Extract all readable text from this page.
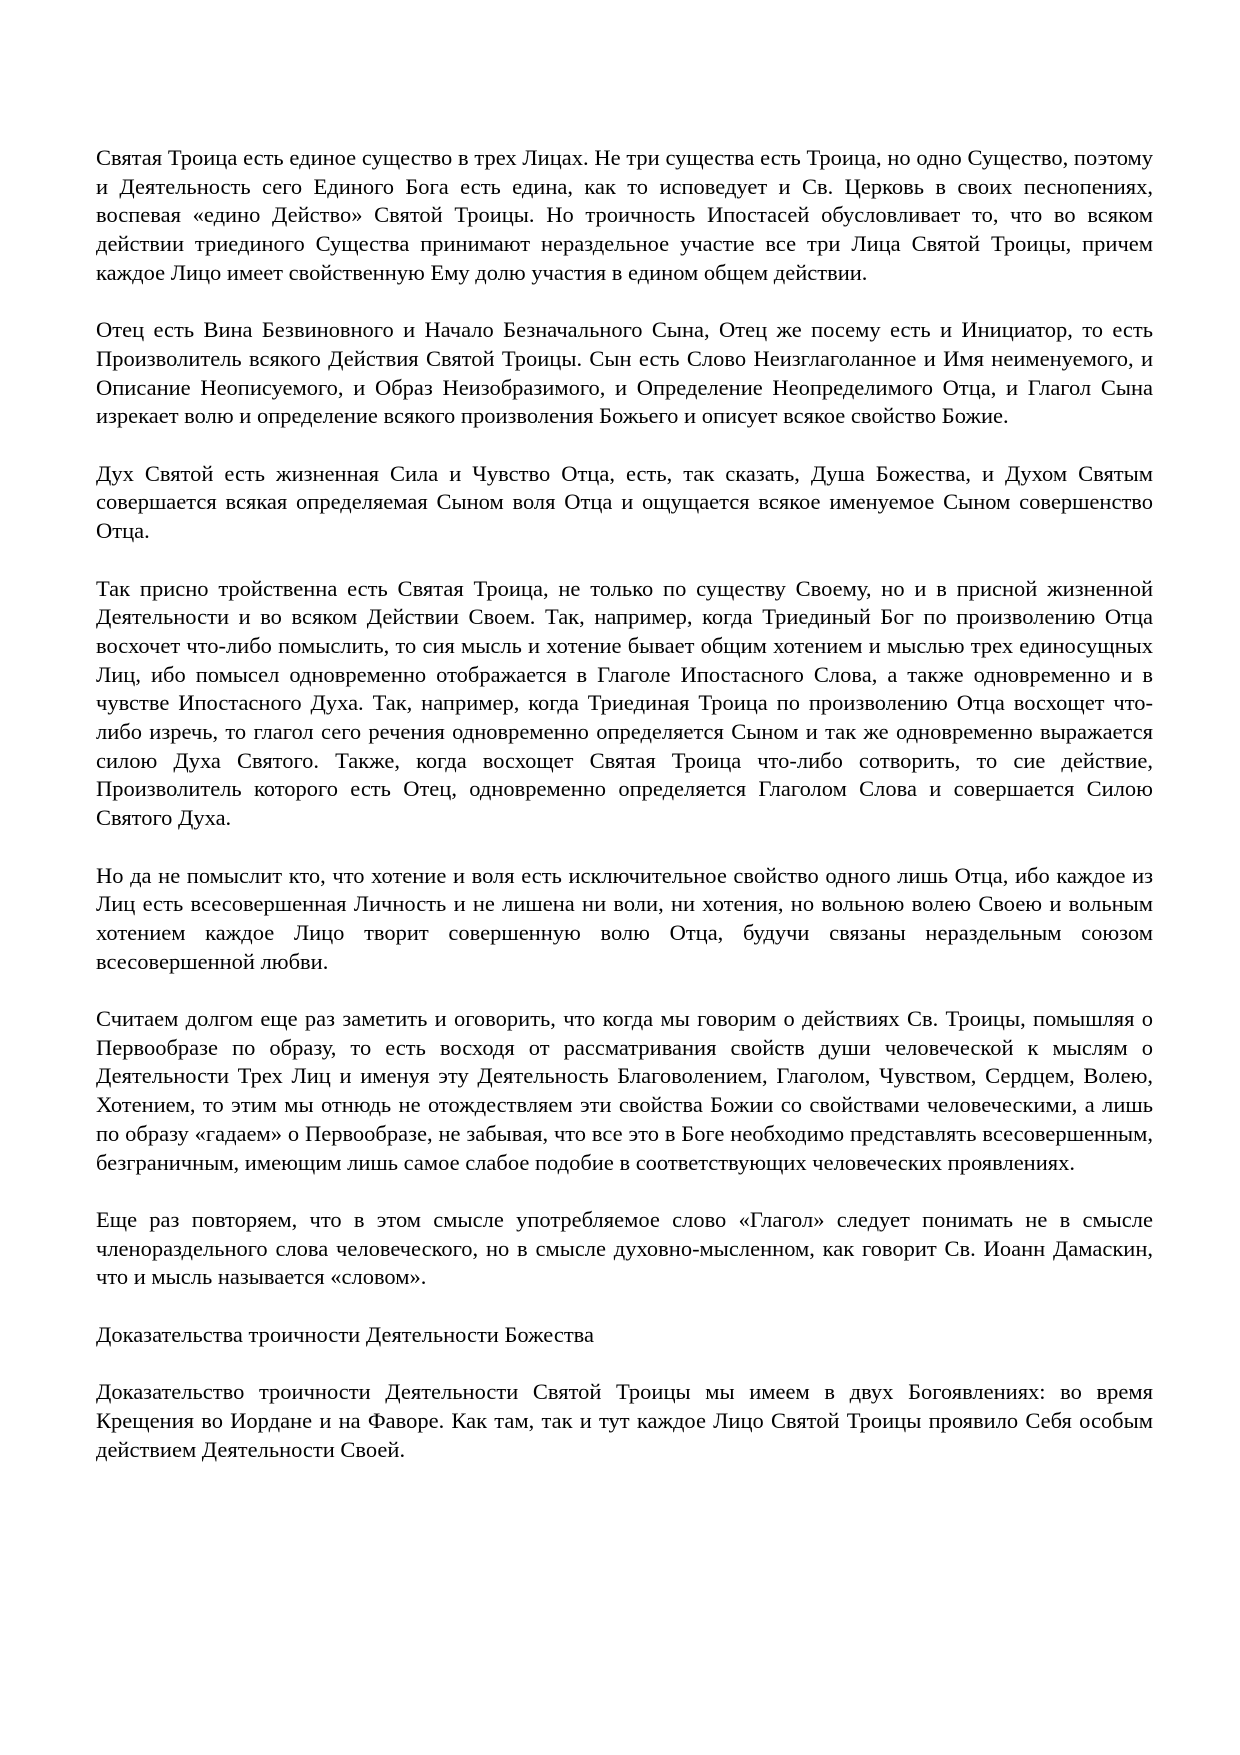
Святая Троица есть единое существо в трех Лицах. Не три существа есть Троица, но одно Существо, поэтому и Деятельность сего Единого Бога есть едина, как то исповедует и Св. Церковь в своих песнопениях, воспевая «едино Действо» Святой Троицы. Но троичность Ипостасей обусловливает то, что во всяком действии триединого Существа принимают нераздельное участие все три Лица Святой Троицы, причем каждое Лицо имеет свойственную Ему долю участия в едином общем действии.

Отец есть Вина Безвиновного и Начало Безначального Сына, Отец же посему есть и Инициатор, то есть Произволитель всякого Действия Святой Троицы. Сын есть Слово Неизглаголанное и Имя неименуемого, и Описание Неописуемого, и Образ Неизобразимого, и Определение Неопределимого Отца, и Глагол Сына изрекает волю и определение всякого произволения Божьего и описует всякое свойство Божие.

Дух Святой есть жизненная Сила и Чувство Отца, есть, так сказать, Душа Божества, и Духом Святым совершается всякая определяемая Сыном воля Отца и ощущается всякое именуемое Сыном совершенство Отца.

Так присно тройственна есть Святая Троица, не только по существу Своему, но и в присной жизненной Деятельности и во всяком Действии Своем. Так, например, когда Триединый Бог по произволению Отца восхочет что-либо помыслить, то сия мысль и хотение бывает общим хотением и мыслью трех единосущных Лиц, ибо помысел одновременно отображается в Глаголе Ипостасного Слова, а также одновременно и в чувстве Ипостасного Духа. Так, например, когда Триединая Троица по произволению Отца восхощет что-либо изречь, то глагол сего речения одновременно определяется Сыном и так же одновременно выражается силою Духа Святого. Также, когда восхощет Святая Троица что-либо сотворить, то сие действие, Произволитель которого есть Отец, одновременно определяется Глаголом Слова и совершается Силою Святого Духа.

Но да не помыслит кто, что хотение и воля есть исключительное свойство одного лишь Отца, ибо каждое из Лиц есть всесовершенная Личность и не лишена ни воли, ни хотения, но вольною волею Своею и вольным хотением каждое Лицо творит совершенную волю Отца, будучи связаны нераздельным союзом всесовершенной любви.

Считаем долгом еще раз заметить и оговорить, что когда мы говорим о действиях Св. Троицы, помышляя о Первообразе по образу, то есть восходя от рассматривания свойств души человеческой к мыслям о Деятельности Трех Лиц и именуя эту Деятельность Благоволением, Глаголом, Чувством, Сердцем, Волею, Хотением, то этим мы отнюдь не отождествляем эти свойства Божии со свойствами человеческими, а лишь по образу «гадаем» о Первообразе, не забывая, что все это в Боге необходимо представлять всесовершенным, безграничным, имеющим лишь самое слабое подобие в соответствующих человеческих проявлениях.

Еще раз повторяем, что в этом смысле употребляемое слово «Глагол» следует понимать не в смысле членораздельного слова человеческого, но в смысле духовно-мысленном, как говорит Св. Иоанн Дамаскин, что и мысль называется «словом».

Доказательства троичности Деятельности Божества

Доказательство троичности Деятельности Святой Троицы мы имеем в двух Богоявлениях: во время Крещения во Иордане и на Фаворе. Как там, так и тут каждое Лицо Святой Троицы проявило Себя особым действием Деятельности Своей.
